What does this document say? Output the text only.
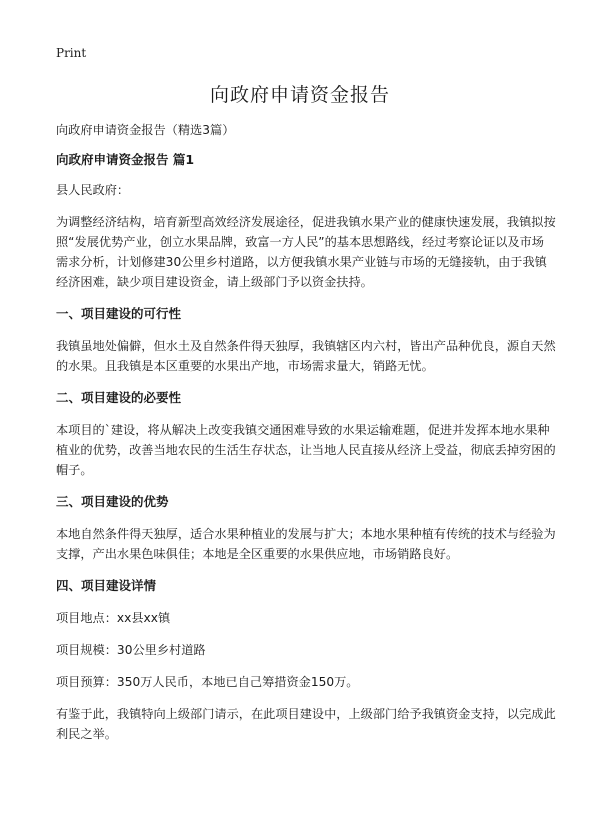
Print
向政府申请资金报告

向政府申请资金报告（精选3篇）

向政府申请资金报告 篇1

县人民政府：

为调整经济结构，培育新型高效经济发展途径，促进我镇水果产业的健康快速发展，我镇拟按照“发展优势产业，创立水果品牌，致富一方人民”的基本思想路线，经过考察论证以及市场需求分析，计划修建30公里乡村道路，以方便我镇水果产业链与市场的无缝接轨，由于我镇经济困难，缺少项目建设资金，请上级部门予以资金扶持。

一、项目建设的可行性

我镇虽地处偏僻，但水土及自然条件得天独厚，我镇辖区内六村，皆出产品种优良，源自天然的水果。且我镇是本区重要的水果出产地，市场需求量大，销路无忧。

二、项目建设的必要性

本项目的`建设，将从解决上改变我镇交通困难导致的水果运输难题，促进并发挥本地水果种植业的优势，改善当地农民的生活生存状态，让当地人民直接从经济上受益，彻底丢掉穷困的帽子。

三、项目建设的优势

本地自然条件得天独厚，适合水果种植业的发展与扩大；本地水果种植有传统的技术与经验为支撑，产出水果色味俱佳；本地是全区重要的水果供应地，市场销路良好。

四、项目建设详情

项目地点：xx县xx镇

项目规模：30公里乡村道路

项目预算：350万人民币，本地已自己筹措资金150万。

有鉴于此，我镇特向上级部门请示，在此项目建设中，上级部门给予我镇资金支持，以完成此利民之举。
